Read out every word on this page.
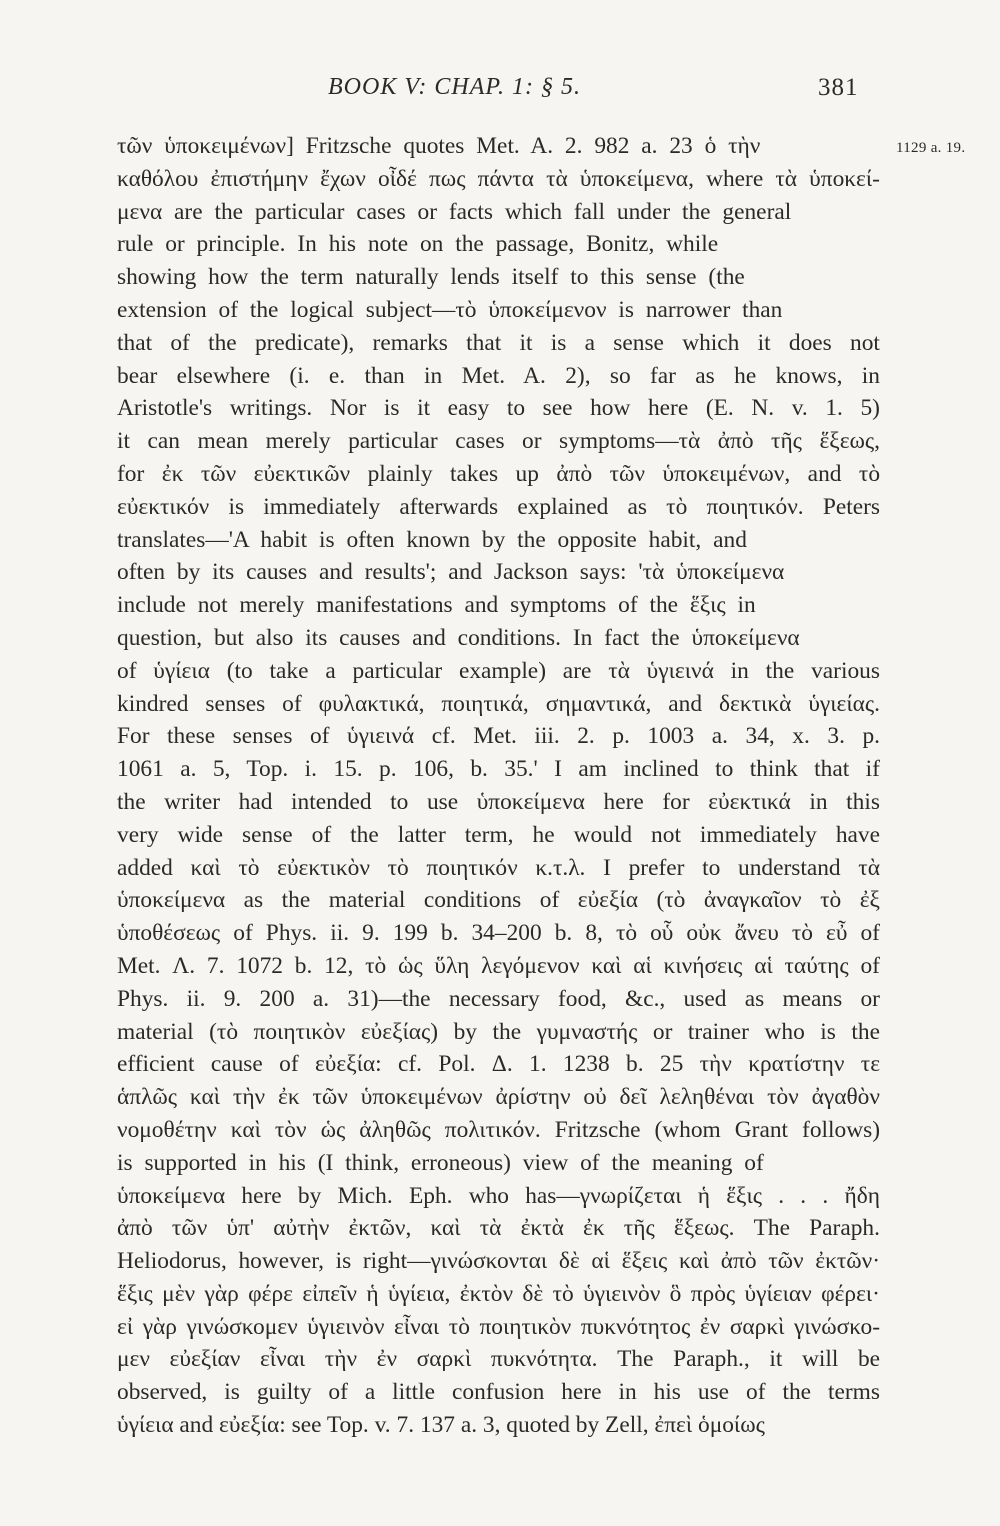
BOOK V: CHAP. 1: § 5.	381
1129 a. 19.
τῶν ὑποκειμένων] Fritzsche quotes Met. A. 2. 982 a. 23 ὁ τὴν
καθόλου ἐπιστήμην ἔχων οἶδέ πως πάντα τὰ ὑποκείμενα, where τὰ ὑποκεί-
μενα are the particular cases or facts which fall under the general
rule or principle. In his note on the passage, Bonitz, while
showing how the term naturally lends itself to this sense (the
extension of the logical subject—τὸ ὑποκείμενον is narrower than
that of the predicate), remarks that it is a sense which it does not
bear elsewhere (i. e. than in Met. A. 2), so far as he knows, in
Aristotle's writings. Nor is it easy to see how here (E. N. v. 1. 5)
it can mean merely particular cases or symptoms—τὰ ἀπὸ τῆς ἕξεως,
for ἐκ τῶν εὐεκτικῶν plainly takes up ἀπὸ τῶν ὑποκειμένων, and τὸ
εὐεκτικόν is immediately afterwards explained as τὸ ποιητικόν. Peters
translates—'A habit is often known by the opposite habit, and
often by its causes and results'; and Jackson says: 'τὰ ὑποκείμενα
include not merely manifestations and symptoms of the ἕξις in
question, but also its causes and conditions. In fact the ὑποκείμενα
of ὑγίεια (to take a particular example) are τὰ ὑγιεινά in the various
kindred senses of φυλακτικά, ποιητικά, σημαντικά, and δεκτικὰ ὑγιείας.
For these senses of ὑγιεινά cf. Met. iii. 2. p. 1003 a. 34, x. 3. p.
1061 a. 5, Top. i. 15. p. 106, b. 35.' I am inclined to think that if
the writer had intended to use ὑποκείμενα here for εὐεκτικά in this
very wide sense of the latter term, he would not immediately have
added καὶ τὸ εὐεκτικὸν τὸ ποιητικόν κ.τ.λ. I prefer to understand τὰ
ὑποκείμενα as the material conditions of εὐεξία (τὸ ἀναγκαῖον τὸ ἐξ
ὑποθέσεως of Phys. ii. 9. 199 b. 34–200 b. 8, τὸ οὗ οὐκ ἄνευ τὸ εὖ of
Met. Λ. 7. 1072 b. 12, τὸ ὡς ὕλη λεγόμενον καὶ αἱ κινήσεις αἱ ταύτης of
Phys. ii. 9. 200 a. 31)—the necessary food, &c., used as means or
material (τὸ ποιητικὸν εὐεξίας) by the γυμναστής or trainer who is the
efficient cause of εὐεξία: cf. Pol. Δ. 1. 1238 b. 25 τὴν κρατίστην τε
ἁπλῶς καὶ τὴν ἐκ τῶν ὑποκειμένων ἀρίστην οὐ δεῖ λεληθέναι τὸν ἀγαθὸν
νομοθέτην καὶ τὸν ὡς ἀληθῶς πολιτικόν. Fritzsche (whom Grant follows)
is supported in his (I think, erroneous) view of the meaning of
ὑποκείμενα here by Mich. Eph. who has—γνωρίζεται ἡ ἕξις . . . ἤδη
ἀπὸ τῶν ὑπ' αὐτὴν ἐκτῶν, καὶ τὰ ἐκτὰ ἐκ τῆς ἕξεως. The Paraph.
Heliodorus, however, is right—γινώσκονται δὲ αἱ ἕξεις καὶ ἀπὸ τῶν ἐκτῶν·
ἕξις μὲν γὰρ φέρε εἰπεῖν ἡ ὑγίεια, ἐκτὸν δὲ τὸ ὑγιεινὸν ὃ πρὸς ὑγίειαν φέρει·
εἰ γὰρ γινώσκομεν ὑγιεινὸν εἶναι τὸ ποιητικὸν πυκνότητος ἐν σαρκὶ γινώσκο-
μεν εὐεξίαν εἶναι τὴν ἐν σαρκὶ πυκνότητα. The Paraph., it will be
observed, is guilty of a little confusion here in his use of the terms
ὑγίεια and εὐεξία: see Top. v. 7. 137 a. 3, quoted by Zell, ἐπεὶ ὁμοίως
